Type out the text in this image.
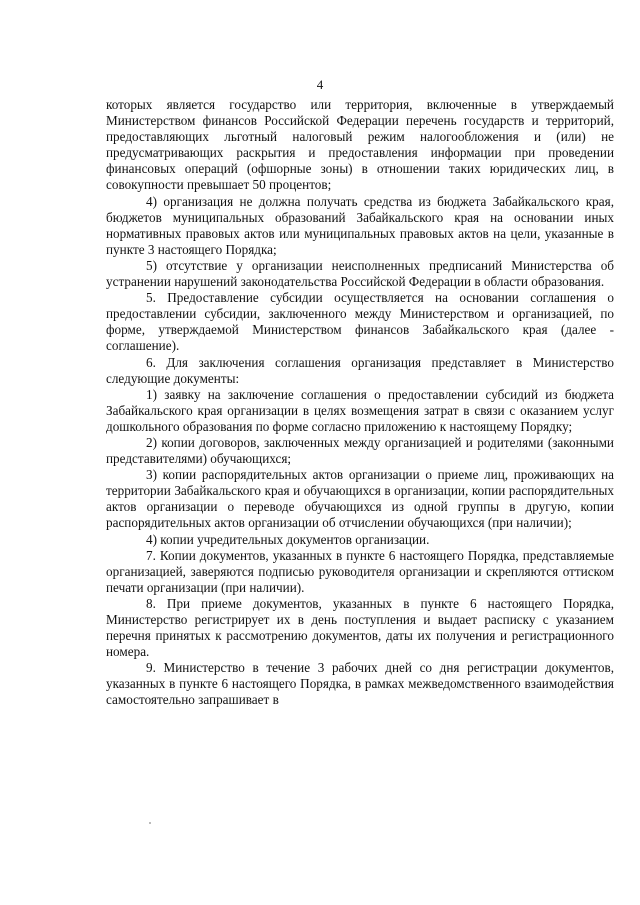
4

которых является государство или территория, включенные в утверждаемый Министерством финансов Российской Федерации перечень государств и территорий, предоставляющих льготный налоговый режим налогообложения и (или) не предусматривающих раскрытия и предоставления информации при проведении финансовых операций (офшорные зоны) в отношении таких юридических лиц, в совокупности превышает 50 процентов;

4) организация не должна получать средства из бюджета Забайкальского края, бюджетов муниципальных образований Забайкальского края на основании иных нормативных правовых актов или муниципальных правовых актов на цели, указанные в пункте 3 настоящего Порядка;

5) отсутствие у организации неисполненных предписаний Министерства об устранении нарушений законодательства Российской Федерации в области образования.

5. Предоставление субсидии осуществляется на основании соглашения о предоставлении субсидии, заключенного между Министерством и организацией, по форме, утверждаемой Министерством финансов Забайкальского края (далее - соглашение).

6. Для заключения соглашения организация представляет в Министерство следующие документы:

1) заявку на заключение соглашения о предоставлении субсидий из бюджета Забайкальского края организации в целях возмещения затрат в связи с оказанием услуг дошкольного образования по форме согласно приложению к настоящему Порядку;

2) копии договоров, заключенных между организацией и родителями (законными представителями) обучающихся;

3) копии распорядительных актов организации о приеме лиц, проживающих на территории Забайкальского края и обучающихся в организации, копии распорядительных актов организации о переводе обучающихся из одной группы в другую, копии распорядительных актов организации об отчислении обучающихся (при наличии);

4) копии учредительных документов организации.

7. Копии документов, указанных в пункте 6 настоящего Порядка, представляемые организацией, заверяются подписью руководителя организации и скрепляются оттиском печати организации (при наличии).

8. При приеме документов, указанных в пункте 6 настоящего Порядка, Министерство регистрирует их в день поступления и выдает расписку с указанием перечня принятых к рассмотрению документов, даты их получения и регистрационного номера.

9. Министерство в течение 3 рабочих дней со дня регистрации документов, указанных в пункте 6 настоящего Порядка, в рамках межведомственного взаимодействия самостоятельно запрашивает в
